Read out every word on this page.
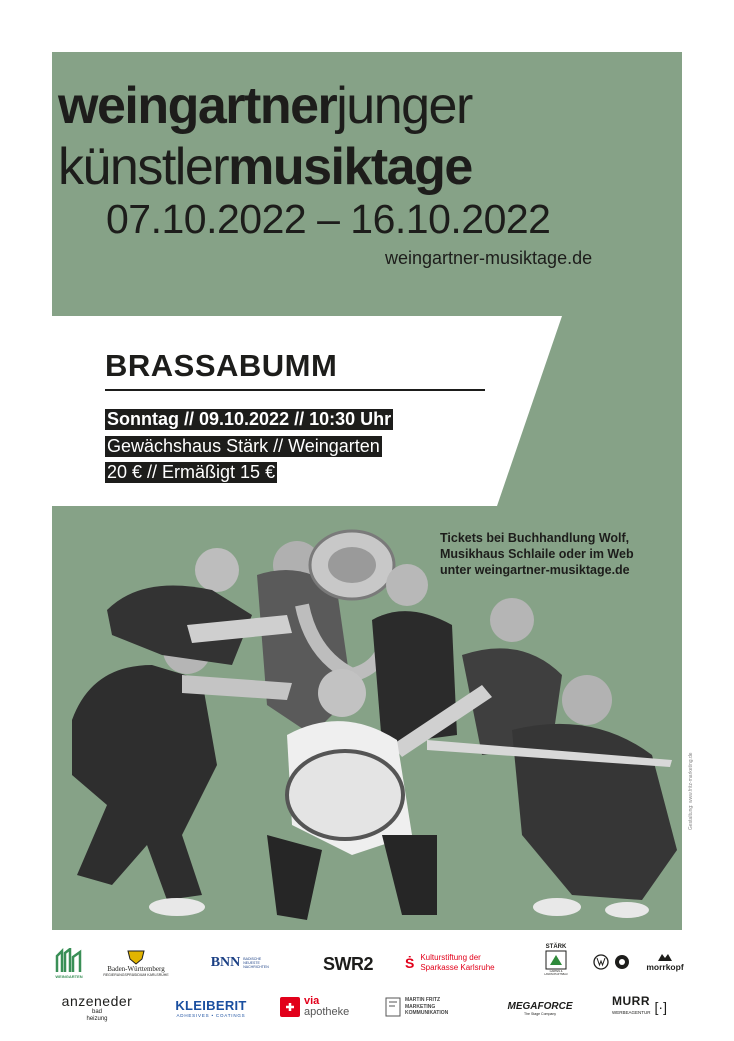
weingartnerjunger
künstlermusiktage
07.10.2022 – 16.10.2022
weingartner-musiktage.de
BRASSABUMM
Sonntag // 09.10.2022 // 10:30 Uhr
Gewächshaus Stärk // Weingarten
20 € // Ermäßigt 15 €
Tickets bei Buchhandlung Wolf,
Musikhaus Schlaile oder im Web
unter weingartner-musiktage.de
Gestaltung: www.fritz-marketing.de
WEINGARTEN
Baden-Württemberg
REGIERUNGSPRÄSIDIUM KARLSRUHE
BNN BADISCHE NEUESTE NACHRICHTEN	SWR2 Ṡ Kulturstiftung der
Sparkasse Karlsruhe
STÄRK
GARTEN & LANDSCHAFTSBAU
morrkopf
anzeneder
bad
heizung
KLEIBERIT
ADHESIVES • COATINGS
via
apotheke
MARTIN FRITZ
MARKETING
KOMMUNIKATION
MEGAFORCE
The Stage Company
MURR
WERBEAGENTUR [·]
